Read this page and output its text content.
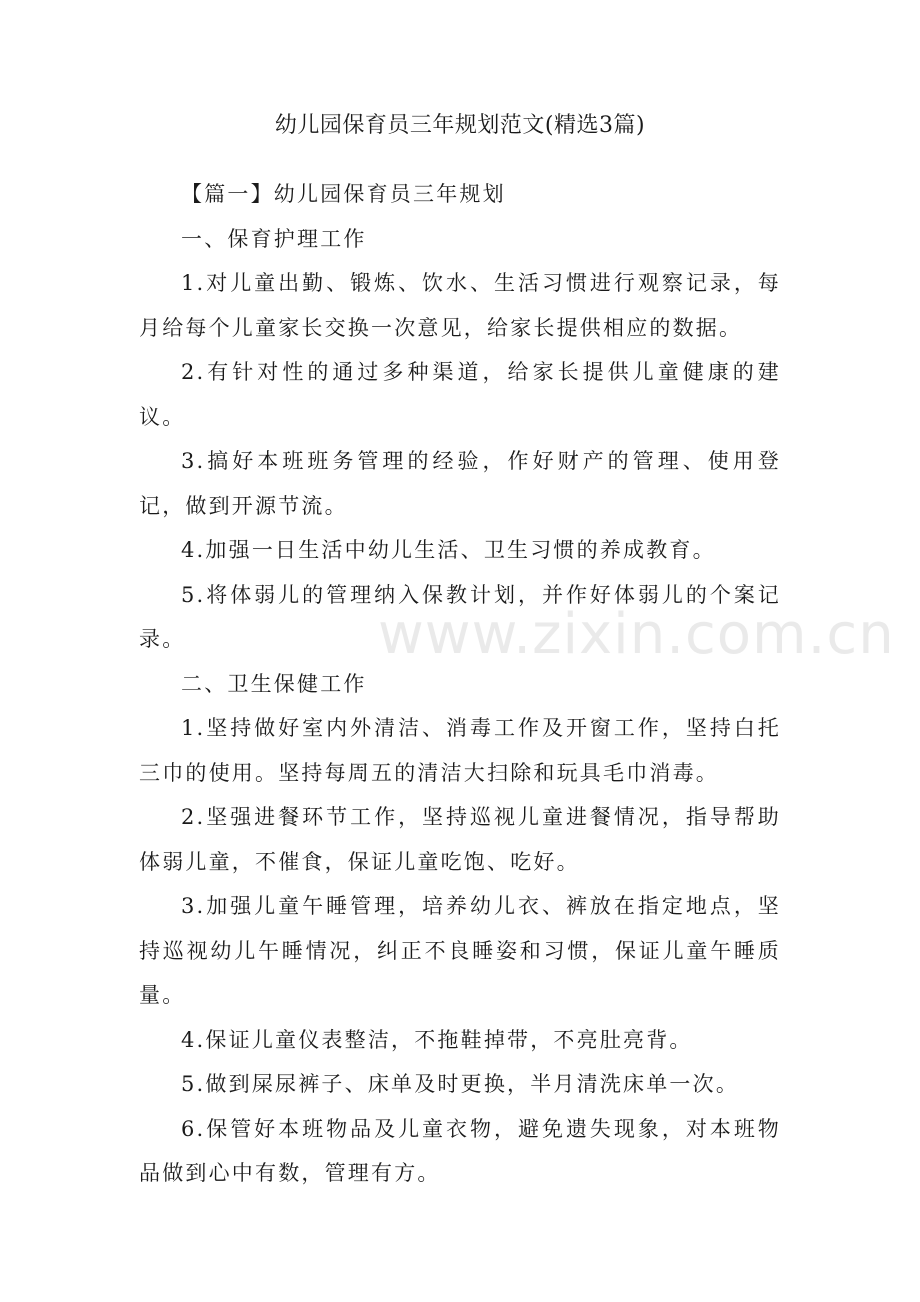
幼儿园保育员三年规划范文(精选3篇)

【篇一】幼儿园保育员三年规划

一、保育护理工作

1.对儿童出勤、锻炼、饮水、生活习惯进行观察记录，每月给每个儿童家长交换一次意见，给家长提供相应的数据。

2.有针对性的通过多种渠道，给家长提供儿童健康的建议。

3.搞好本班班务管理的经验，作好财产的管理、使用登记，做到开源节流。

4.加强一日生活中幼儿生活、卫生习惯的养成教育。

5.将体弱儿的管理纳入保教计划，并作好体弱儿的个案记录。

二、卫生保健工作

1.坚持做好室内外清洁、消毒工作及开窗工作，坚持白托三巾的使用。坚持每周五的清洁大扫除和玩具毛巾消毒。

2.坚强进餐环节工作，坚持巡视儿童进餐情况，指导帮助体弱儿童，不催食，保证儿童吃饱、吃好。

3.加强儿童午睡管理，培养幼儿衣、裤放在指定地点，坚持巡视幼儿午睡情况，纠正不良睡姿和习惯，保证儿童午睡质量。

4.保证儿童仪表整洁，不拖鞋掉带，不亮肚亮背。

5.做到屎尿裤子、床单及时更换，半月清洗床单一次。

6.保管好本班物品及儿童衣物，避免遗失现象，对本班物品做到心中有数，管理有方。

www.zixin.com.cn
